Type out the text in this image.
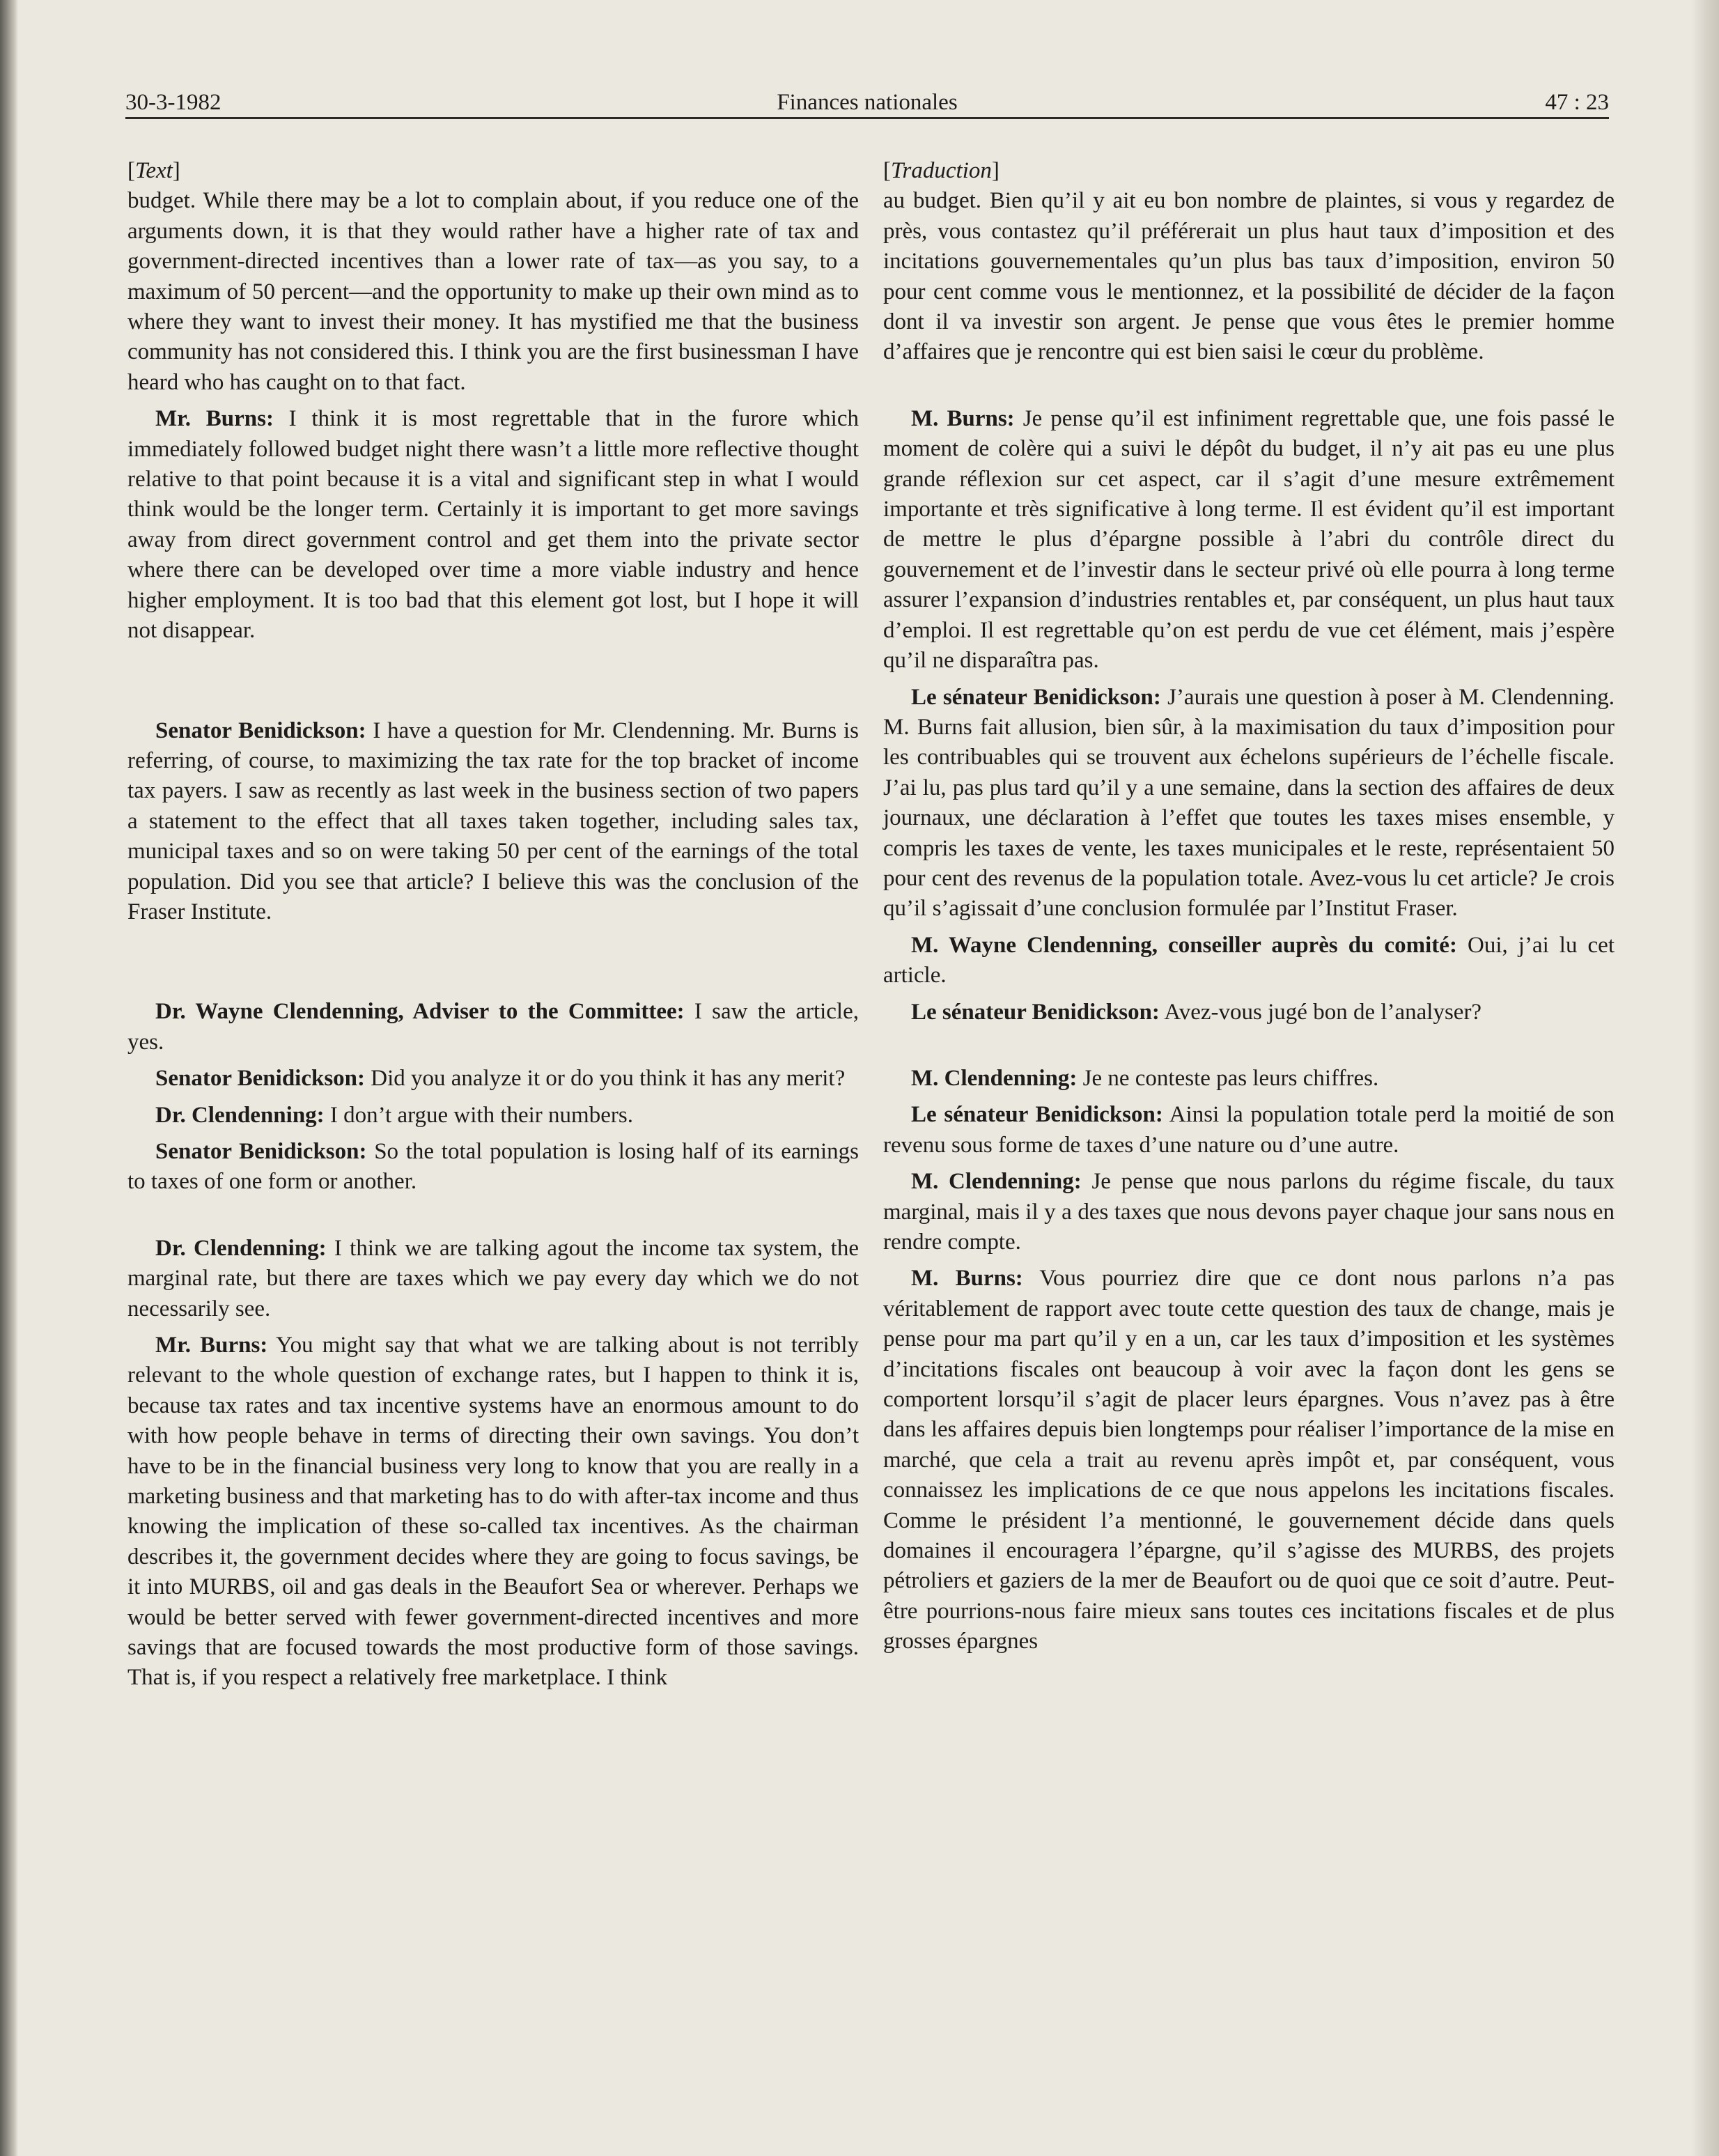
30-3-1982	Finances nationales	47 : 23
[Text]

budget. While there may be a lot to complain about, if you reduce one of the arguments down, it is that they would rather have a higher rate of tax and government-directed incentives than a lower rate of tax—as you say, to a maximum of 50 percent—and the opportunity to make up their own mind as to where they want to invest their money. It has mystified me that the business community has not considered this. I think you are the first businessman I have heard who has caught on to that fact.

Mr. Burns: I think it is most regrettable that in the furore which immediately followed budget night there wasn’t a little more reflective thought relative to that point because it is a vital and significant step in what I would think would be the longer term. Certainly it is important to get more savings away from direct government control and get them into the private sector where there can be developed over time a more viable industry and hence higher employment. It is too bad that this element got lost, but I hope it will not disappear.

Senator Benidickson: I have a question for Mr. Clendenning. Mr. Burns is referring, of course, to maximizing the tax rate for the top bracket of income tax payers. I saw as recently as last week in the business section of two papers a statement to the effect that all taxes taken together, including sales tax, municipal taxes and so on were taking 50 per cent of the earnings of the total population. Did you see that article? I believe this was the conclusion of the Fraser Institute.

Dr. Wayne Clendenning, Adviser to the Committee: I saw the article, yes.

Senator Benidickson: Did you analyze it or do you think it has any merit?

Dr. Clendenning: I don’t argue with their numbers.

Senator Benidickson: So the total population is losing half of its earnings to taxes of one form or another.

Dr. Clendenning: I think we are talking agout the income tax system, the marginal rate, but there are taxes which we pay every day which we do not necessarily see.

Mr. Burns: You might say that what we are talking about is not terribly relevant to the whole question of exchange rates, but I happen to think it is, because tax rates and tax incentive systems have an enormous amount to do with how people behave in terms of directing their own savings. You don’t have to be in the financial business very long to know that you are really in a marketing business and that marketing has to do with after-tax income and thus knowing the implication of these so-called tax incentives. As the chairman describes it, the government decides where they are going to focus savings, be it into MURBS, oil and gas deals in the Beaufort Sea or wherever. Perhaps we would be better served with fewer government-directed incentives and more savings that are focused towards the most productive form of those savings. That is, if you respect a relatively free marketplace. I think

[Traduction]

au budget. Bien qu’il y ait eu bon nombre de plaintes, si vous y regardez de près, vous contastez qu’il préférerait un plus haut taux d’imposition et des incitations gouvernementales qu’un plus bas taux d’imposition, environ 50 pour cent comme vous le mentionnez, et la possibilité de décider de la façon dont il va investir son argent. Je pense que vous êtes le premier homme d’affaires que je rencontre qui est bien saisi le cœur du problème.

M. Burns: Je pense qu’il est infiniment regrettable que, une fois passé le moment de colère qui a suivi le dépôt du budget, il n’y ait pas eu une plus grande réflexion sur cet aspect, car il s’agit d’une mesure extrêmement importante et très significative à long terme. Il est évident qu’il est important de mettre le plus d’épargne possible à l’abri du contrôle direct du gouvernement et de l’investir dans le secteur privé où elle pourra à long terme assurer l’expansion d’industries rentables et, par conséquent, un plus haut taux d’emploi. Il est regrettable qu’on est perdu de vue cet élément, mais j’espère qu’il ne disparaîtra pas.

Le sénateur Benidickson: J’aurais une question à poser à M. Clendenning. M. Burns fait allusion, bien sûr, à la maximisation du taux d’imposition pour les contribuables qui se trouvent aux échelons supérieurs de l’échelle fiscale. J’ai lu, pas plus tard qu’il y a une semaine, dans la section des affaires de deux journaux, une déclaration à l’effet que toutes les taxes mises ensemble, y compris les taxes de vente, les taxes municipales et le reste, représentaient 50 pour cent des revenus de la population totale. Avez-vous lu cet article? Je crois qu’il s’agissait d’une conclusion formulée par l’Institut Fraser.

M. Wayne Clendenning, conseiller auprès du comité: Oui, j’ai lu cet article.

Le sénateur Benidickson: Avez-vous jugé bon de l’analyser?

M. Clendenning: Je ne conteste pas leurs chiffres.

Le sénateur Benidickson: Ainsi la population totale perd la moitié de son revenu sous forme de taxes d’une nature ou d’une autre.

M. Clendenning: Je pense que nous parlons du régime fiscale, du taux marginal, mais il y a des taxes que nous devons payer chaque jour sans nous en rendre compte.

M. Burns: Vous pourriez dire que ce dont nous parlons n’a pas véritablement de rapport avec toute cette question des taux de change, mais je pense pour ma part qu’il y en a un, car les taux d’imposition et les systèmes d’incitations fiscales ont beaucoup à voir avec la façon dont les gens se comportent lorsqu’il s’agit de placer leurs épargnes. Vous n’avez pas à être dans les affaires depuis bien longtemps pour réaliser l’importance de la mise en marché, que cela a trait au revenu après impôt et, par conséquent, vous connaissez les implications de ce que nous appelons les incitations fiscales. Comme le président l’a mentionné, le gouvernement décide dans quels domaines il encouragera l’épargne, qu’il s’agisse des MURBS, des projets pétroliers et gaziers de la mer de Beaufort ou de quoi que ce soit d’autre. Peut-être pourrions-nous faire mieux sans toutes ces incitations fiscales et de plus grosses épargnes
